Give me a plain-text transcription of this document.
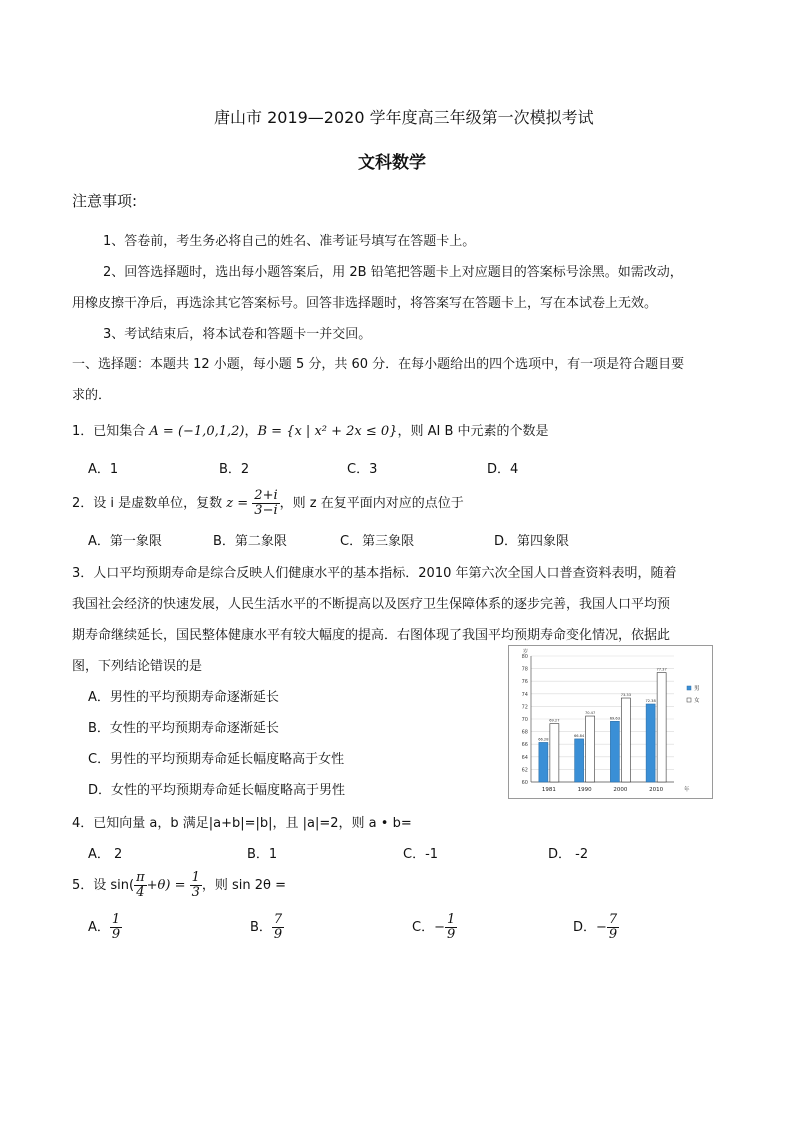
唐山市 2019—2020 学年度高三年级第一次模拟考试
文科数学
注意事项:
1、答卷前，考生务必将自己的姓名、准考证号填写在答题卡上。
2、回答选择题时，选出每小题答案后，用 2B 铅笔把答题卡上对应题目的答案标号涂黑。如需改动，
用橡皮擦干净后，再选涂其它答案标号。回答非选择题时，将答案写在答题卡上，写在本试卷上无效。
3、考试结束后，将本试卷和答题卡一并交回。
一、选择题：本题共 12 小题，每小题 5 分，共 60 分．在每小题给出的四个选项中，有一项是符合题目要
求的．
1．已知集合 A = (−1,0,1,2)，B = {x | x² + 2x ≤ 0}，则 AI B 中元素的个数是
A．1	B．2	C．3	D．4
2．设 i 是虚数单位，复数 $z = \frac{2+i}{3-i}$ ，则 z 在复平面内对应的点位于
A．第一象限	B．第二象限	C．第三象限	D．第四象限
3．人口平均预期寿命是综合反映人们健康水平的基本指标．2010 年第六次全国人口普查资料表明，随着
我国社会经济的快速发展，人民生活水平的不断提高以及医疗卫生保障体系的逐步完善，我国人口平均预
期寿命继续延长，国民整体健康水平有较大幅度的提高．右图体现了我国平均预期寿命变化情况，依据此
图，下列结论错误的是
A．男性的平均预期寿命逐渐延长
B．女性的平均预期寿命逐渐延长
C．男性的平均预期寿命延长幅度略高于女性
D．女性的平均预期寿命延长幅度略高于男性	60
62
64
66
68
70
72
74
76
78
80
岁
66.28
69.27
1981
66.84
70.47
1990
69.63
73.33
2000
72.38
77.37
2010	年
男
女
4．已知向量 a，b 满足|a+b|=|b|，且 |a|=2，则 a • b=
A． 2	B．1	C．-1	D． -2
5．设 $\sin( \frac{\pi}{4} +\theta) = \frac{1}{3}$ ，则 sin 2θ =
A． $\frac{1}{9}$	B． $\frac{7}{9}$	C．− $\frac{1}{9}$	D．− $\frac{7}{9}$
